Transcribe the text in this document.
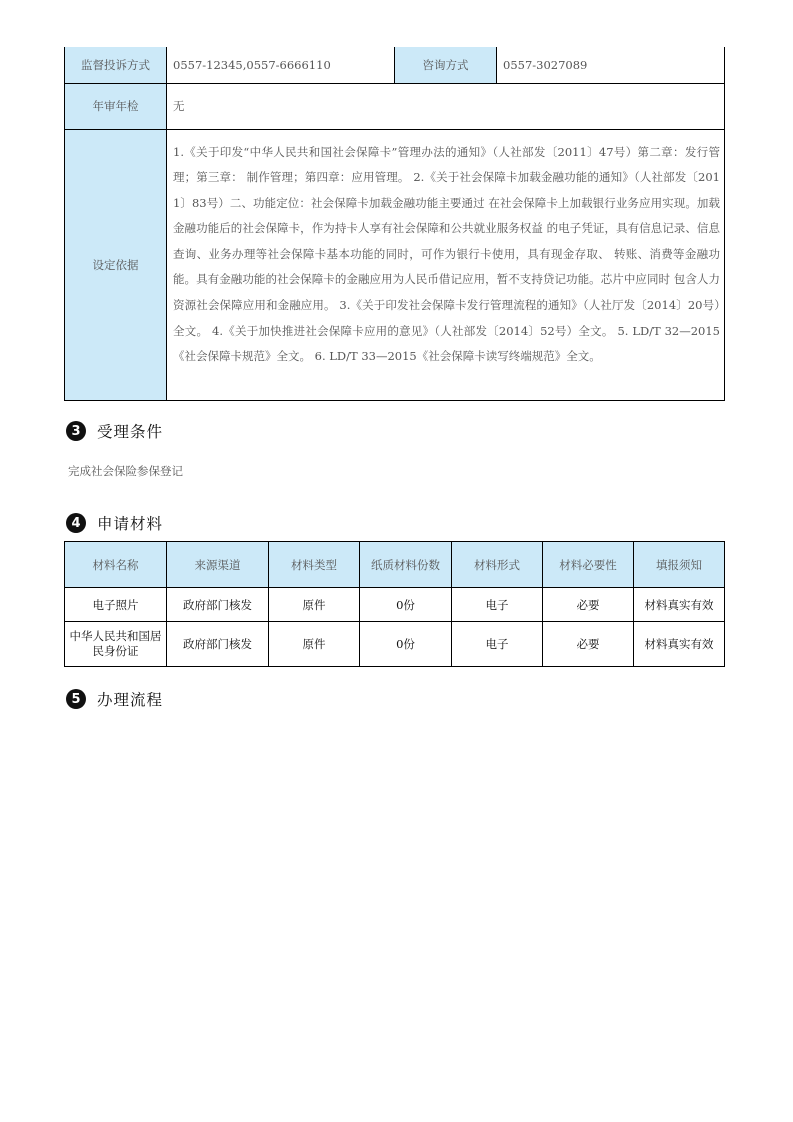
监督投诉方式	0557-12345,0557-6666110	咨询方式	0557-3027089
年审年检	无		
设定依据	1.《关于印发“中华人民共和国社会保障卡”管理办法的通知》（人社部发〔2011〕47号）第二章：发行管理；第三章： 制作管理；第四章：应用管理。 2.《关于社会保障卡加载金融功能的通知》（人社部发〔2011〕83号）二、功能定位：社会保障卡加载金融功能主要通过 在社会保障卡上加载银行业务应用实现。加载金融功能后的社会保障卡，作为持卡人享有社会保障和公共就业服务权益 的电子凭证，具有信息记录、信息查询、业务办理等社会保障卡基本功能的同时，可作为银行卡使用，具有现金存取、 转账、消费等金融功能。具有金融功能的社会保障卡的金融应用为人民币借记应用，暂不支持贷记功能。芯片中应同时 包含人力资源社会保障应用和金融应用。 3.《关于印发社会保障卡发行管理流程的通知》（人社厅发〔2014〕20号）全文。 4.《关于加快推进社会保障卡应用的意见》（人社部发〔2014〕52号）全文。 5. LD/T 32—2015《社会保障卡规范》全文。 6. LD/T 33—2015《社会保障卡读写终端规范》全文。		
3	受理条件
完成社会保险参保登记
4	申请材料
材料名称	来源渠道	材料类型	纸质材料份数	材料形式	材料必要性	填报须知
电子照片	政府部门核发	原件	0份	电子	必要	材料真实有效
中华人民共和国居民身份证	政府部门核发	原件	0份	电子	必要	材料真实有效
5	办理流程
